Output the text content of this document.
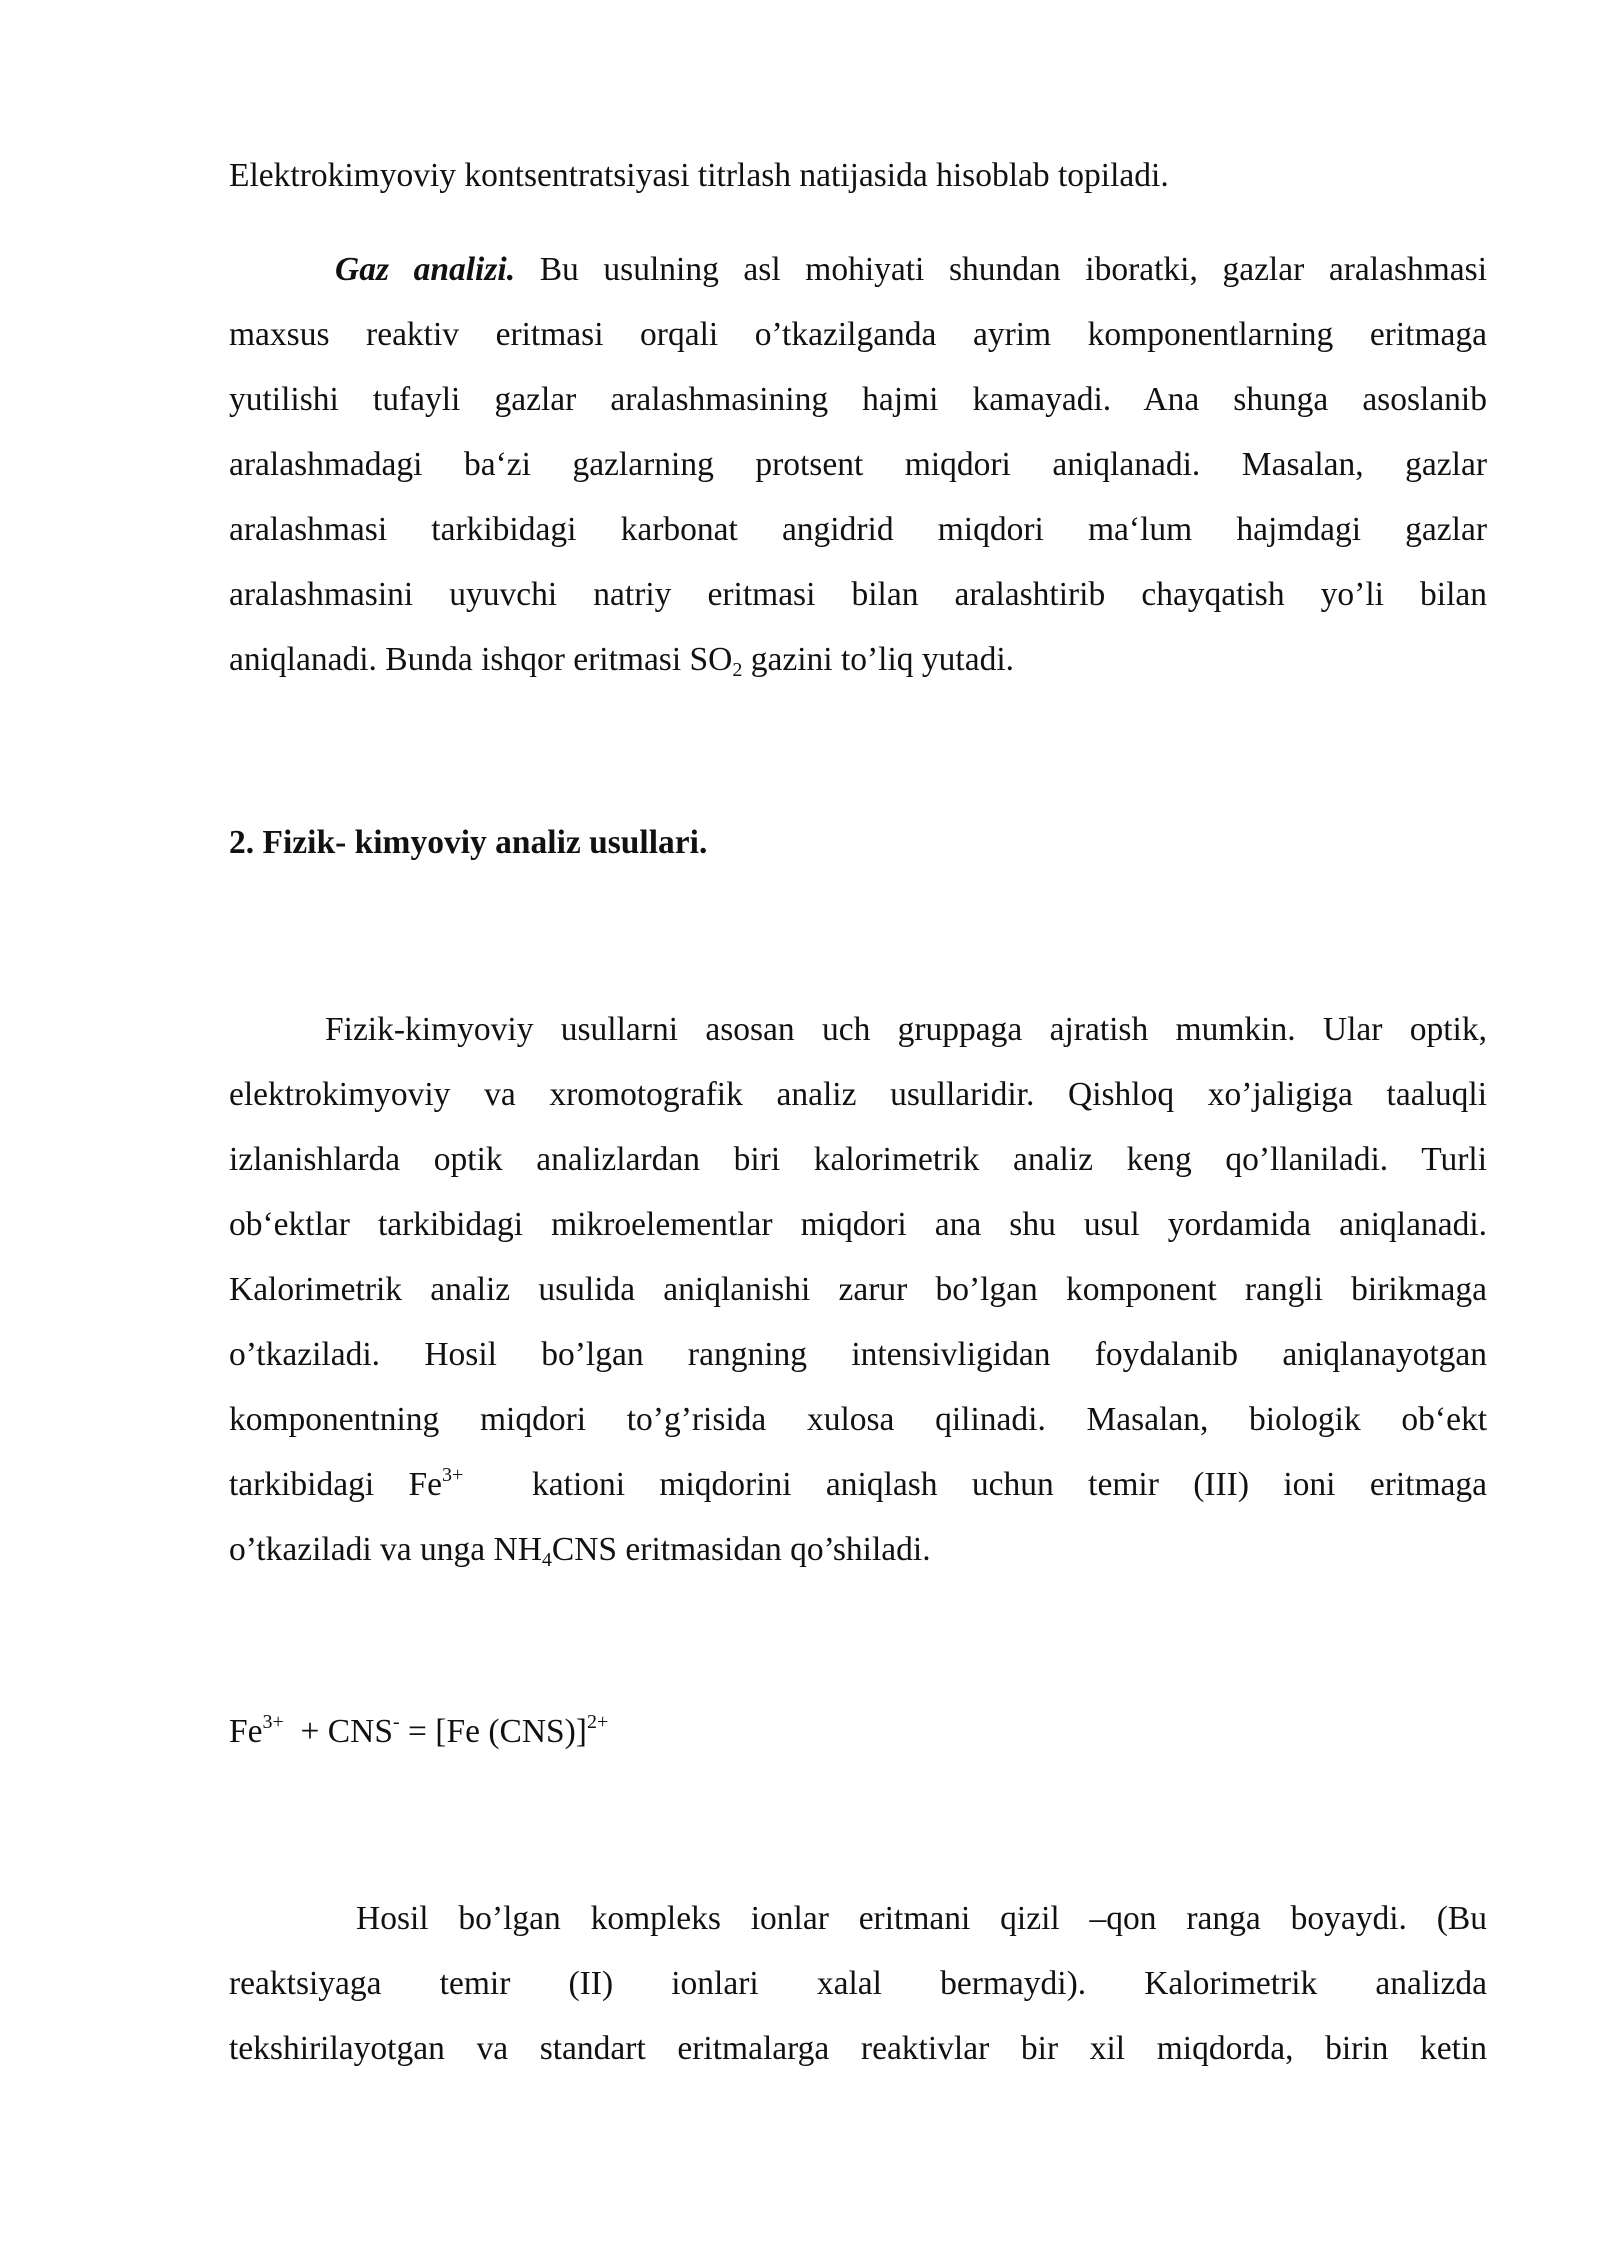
Elektrokimyoviy kontsentratsiyasi titrlash natijasida hisoblab topiladi.
Gaz analizi. Bu usulning asl mohiyati shundan iboratki, gazlar aralashmasi
maxsus reaktiv eritmasi orqali o’tkazilganda ayrim komponentlarning eritmaga
yutilishi tufayli gazlar aralashmasining hajmi kamayadi. Ana shunga asoslanib
aralashmadagi ba‘zi gazlarning protsent miqdori aniqlanadi. Masalan, gazlar
aralashmasi tarkibidagi karbonat angidrid miqdori ma‘lum hajmdagi gazlar
aralashmasini uyuvchi natriy eritmasi bilan aralashtirib chayqatish yo’li bilan
aniqlanadi. Bunda ishqor eritmasi $SO_2$ gazini to’liq yutadi.
2. Fizik- kimyoviy analiz usullari.
Fizik-kimyoviy usullarni asosan uch gruppaga ajratish mumkin. Ular optik,
elektrokimyoviy va xromotografik analiz usullaridir. Qishloq xo’jaligiga taaluqli
izlanishlarda optik analizlardan biri kalorimetrik analiz keng qo’llaniladi. Turli
ob‘ektlar tarkibidagi mikroelementlar miqdori ana shu usul yordamida aniqlanadi.
Kalorimetrik analiz usulida aniqlanishi zarur bo’lgan komponent rangli birikmaga
o’tkaziladi. Hosil bo’lgan rangning intensivligidan foydalanib aniqlanayotgan
komponentning miqdori to’g’risida xulosa qilinadi. Masalan, biologik ob‘ekt
tarkibidagi $Fe^{3+}$ kationi miqdorini aniqlash uchun temir (III) ioni eritmaga
o’tkaziladi va unga $NH_4CNS$ eritmasidan qo’shiladi.
$Fe^{3+} + CNS^- = [Fe$ (CNS)]$^{2+}$
Hosil bo’lgan kompleks ionlar eritmani qizil –qon ranga boyaydi. (Bu
reaktsiyaga temir (II) ionlari xalal bermaydi). Kalorimetrik analizda
tekshirilayotgan va standart eritmalarga reaktivlar bir xil miqdorda, birin ketin
